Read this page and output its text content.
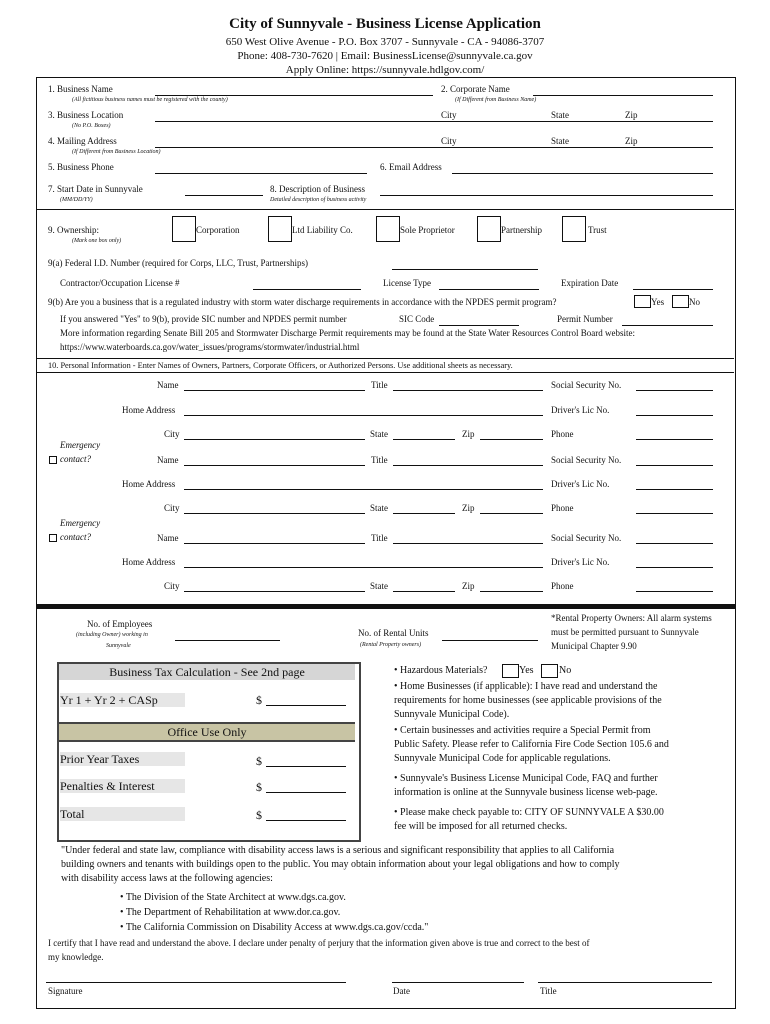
City of Sunnyvale - Business License Application
650 West Olive Avenue - P.O. Box 3707 - Sunnyvale - CA - 94086-3707
Phone: 408-730-7620 | Email: BusinessLicense@sunnyvale.ca.gov
Apply Online: https://sunnyvale.hdlgov.com/
1. Business Name
(All fictitious business names must be registered with the county)
2. Corporate Name
(If Different from Business Name)
3. Business Location
(No P.O. Boxes)
City	State	Zip
4. Mailing Address
(If Different from Business Location)
City	State	Zip
5. Business Phone	6. Email Address
7. Start Date in Sunnyvale
(MM/DD/YY)
8. Description of Business
Detailed description of business activity
9. Ownership:
(Mark one box only)
Corporation	Ltd Liability Co.	Sole Proprietor	Partnership	Trust
9(a) Federal I.D. Number (required for Corps, LLC, Trust, Partnerships)
Contractor/Occupation License #	License Type	Expiration Date
9(b) Are you a business that is a regulated industry with storm water discharge requirements in accordance with the NPDES permit program?	Yes	No
If you answered "Yes" to 9(b), provide SIC number and NPDES permit number	SIC Code	Permit Number
More information regarding Senate Bill 205 and Stormwater Discharge Permit requirements may be found at the State Water Resources Control Board website:
https://www.waterboards.ca.gov/water_issues/programs/stormwater/industrial.html
10. Personal Information - Enter Names of Owners, Partners, Corporate Officers, or Authorized Persons. Use additional sheets as necessary.
Name	Title	Social Security No.
Home Address	Driver's Lic No.
City	State	Zip	Phone
Emergency
contact?	Name	Title	Social Security No.
Home Address	Driver's Lic No.
City	State	Zip	Phone
Emergency
contact?	Name	Title	Social Security No.
Home Address	Driver's Lic No.
City	State	Zip	Phone
No. of Employees
(including Owner) working in
Sunnyvale
No. of Rental Units
(Rental Property owners)
*Rental Property Owners: All alarm systems
must be permitted pursuant to Sunnyvale
Municipal Chapter 9.90
Business Tax Calculation - See 2nd page
Yr 1 + Yr 2 + CASp	$
Office Use Only
Prior Year Taxes	$
Penalties & Interest	$
Total	$
• Hazardous Materials?	Yes	No
• Home Businesses (if applicable): I have read and understand the
requirements for home businesses (see applicable provisions of the
Sunnyvale Municipal Code).
• Certain businesses and activities require a Special Permit from
Public Safety. Please refer to California Fire Code Section 105.6 and
Sunnyvale Municipal Code for applicable regulations.
• Sunnyvale's Business License Municipal Code, FAQ and further
information is online at the Sunnyvale business license web-page.
• Please make check payable to: CITY OF SUNNYVALE A $30.00
fee will be imposed for all returned checks.
"Under federal and state law, compliance with disability access laws is a serious and significant responsibility that applies to all California
building owners and tenants with buildings open to the public. You may obtain information about your legal obligations and how to comply
with disability access laws at the following agencies:
• The Division of the State Architect at www.dgs.ca.gov.
• The Department of Rehabilitation at www.dor.ca.gov.
• The California Commission on Disability Access at www.dgs.ca.gov/ccda."
I certify that I have read and understand the above. I declare under penalty of perjury that the information given above is true and correct to the best of
my knowledge.
Signature	Date	Title
